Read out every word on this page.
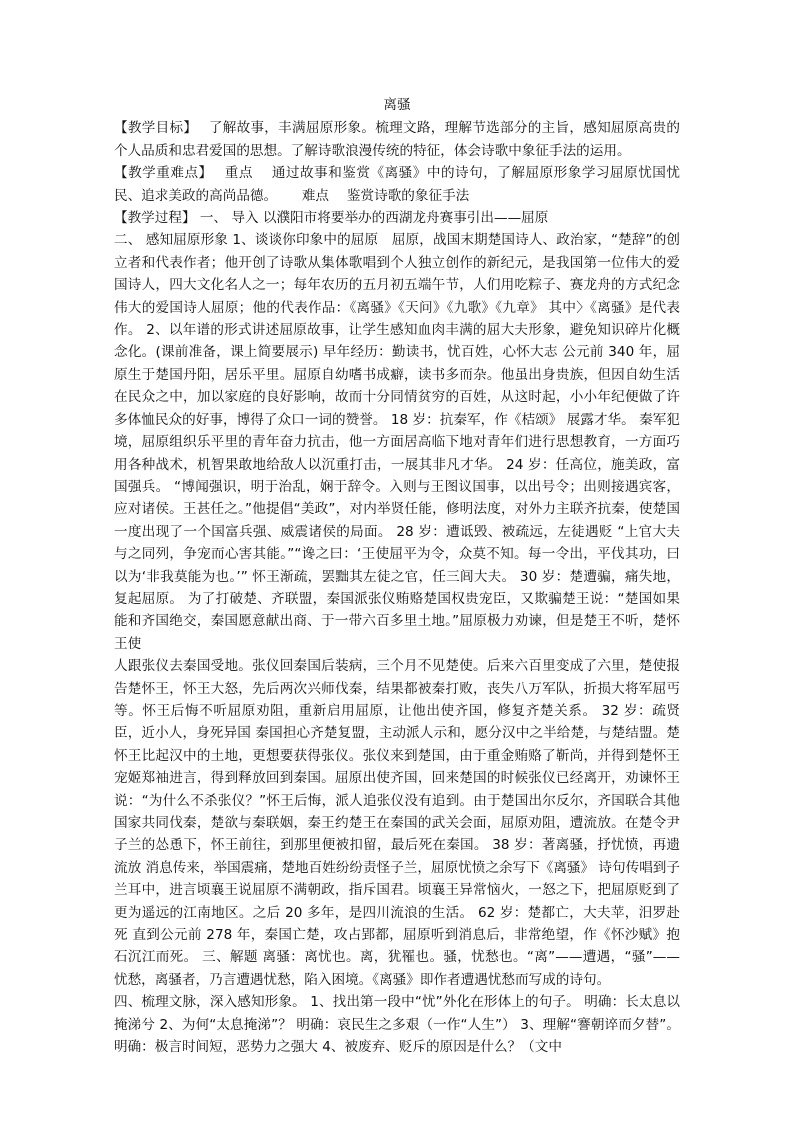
离骚

【教学目标】　 了解故事，丰满屈原形象。梳理文路，理解节选部分的主旨，感知屈原高贵的个人品质和忠君爱国的思想。了解诗歌浪漫传统的特征，体会诗歌中象征手法的运用。

【教学重难点】　 重点　 通过故事和鉴赏《离骚》中的诗句，了解屈原形象学习屈原忧国忧民、追求美政的高尚品德。　　 难点　 鉴赏诗歌的象征手法

【教学过程】 一、 导入 以濮阳市将要举办的西湖龙舟赛事引出——屈原

二、 感知屈原形象 1、谈谈你印象中的屈原　屈原，战国末期楚国诗人、政治家，“楚辞”的创立者和代表作者；他开创了诗歌从集体歌唱到个人独立创作的新纪元，是我国第一位伟大的爱国诗人，四大文化名人之一；每年农历的五月初五端午节，人们用吃粽子、赛龙舟的方式纪念伟大的爱国诗人屈原；他的代表作品：《离骚》《天问》《九歌》《九章》 其中〉《离骚》是代表作。 2、以年谱的形式讲述屈原故事，让学生感知血肉丰满的屈大夫形象，避免知识碎片化概念化。(课前准备，课上简要展示) 早年经历：勤读书，忧百姓，心怀大志 公元前 340 年，屈原生于楚国丹阳，居乐平里。屈原自幼嗜书成癖，读书多而杂。他虽出身贵族，但因自幼生活在民众之中，加以家庭的良好影响，故而十分同情贫穷的百姓，从这时起，小小年纪便做了许多体恤民众的好事，博得了众口一词的赞誉。 18 岁：抗秦军，作《桔颂》 展露才华。 秦军犯境，屈原组织乐平里的青年奋力抗击，他一方面居高临下地对青年们进行思想教育，一方面巧用各种战术，机智果敢地给敌人以沉重打击，一展其非凡才华。 24 岁：任高位，施美政，富国强兵。 “博闻强识，明于治乱，娴于辞令。入则与王图议国事，以出号令；出则接遇宾客，应对诸侯。王甚任之。”他提倡“美政”，对内举贤任能，修明法度，对外力主联齐抗秦，使楚国一度出现了一个国富兵强、威震诸侯的局面。 28 岁：遭诋毁、被疏远，左徒遇贬 “上官大夫与之同列，争宠而心害其能。”“谗之曰：‘王使屈平为令，众莫不知。每一令出，平伐其功，曰以为‘非我莫能为也。’” 怀王渐疏，罢黜其左徒之官，任三闾大夫。 30 岁：楚遭骗，痛失地，复起屈原。 为了打破楚、齐联盟，秦国派张仪贿赂楚国权贵宠臣，又欺骗楚王说：“楚国如果能和齐国绝交，秦国愿意献出商、于一带六百多里土地。”屈原极力劝谏，但是楚王不听，楚怀王使

人跟张仪去秦国受地。张仪回秦国后装病，三个月不见楚使。后来六百里变成了六里，楚使报告楚怀王，怀王大怒，先后两次兴师伐秦，结果都被秦打败，丧失八万军队，折损大将军屈丐等。怀王后悔不听屈原劝阻，重新启用屈原，让他出使齐国，修复齐楚关系。 32 岁：疏贤臣，近小人，身死异国 秦国担心齐楚复盟，主动派人示和，愿分汉中之半给楚，与楚结盟。楚怀王比起汉中的土地，更想要获得张仪。张仪来到楚国，由于重金贿赂了靳尚，并得到楚怀王宠姬郑袖进言，得到释放回到秦国。屈原出使齐国，回来楚国的时候张仪已经离开，劝谏怀王说：“为什么不杀张仪？”怀王后悔，派人追张仪没有追到。由于楚国出尔反尔，齐国联合其他国家共同伐秦，楚欲与秦联姻，秦王约楚王在秦国的武关会面，屈原劝阻，遭流放。在楚令尹子兰的怂恿下，怀王前往，到那里便被扣留，最后死在秦国。 38 岁：著离骚，抒忧愤，再遗流放 消息传来，举国震痛，楚地百姓纷纷责怪子兰，屈原忧愤之余写下《离骚》 诗句传唱到子兰耳中，进言顷襄王说屈原不满朝政，指斥国君。顷襄王异常恼火，一怒之下，把屈原贬到了更为遥远的江南地区。之后 20 多年，是四川流浪的生活。 62 岁：楚都亡，大夫苹，汨罗赴死 直到公元前 278 年，秦国亡楚，攻占郢都，屈原听到消息后，非常绝望，作《怀沙赋》抱石沉江而死。 三、解题 离骚：离忧也。离，犹罹也。骚，忧愁也。“离”——遭遇，“骚”——忧愁，离骚者，乃言遭遇忧愁，陷入困境。《离骚》即作者遭遇忧愁而写成的诗句。

四、梳理文脉，深入感知形象。 1、找出第一段中“忧”外化在形体上的句子。 明确：长太息以掩涕兮 2、为何“太息掩涕”？ 明确：哀民生之多艰（一作“人生”） 3、理解“謇朝谇而夕替”。 明确：极言时间短，恶势力之强大 4、被废弃、贬斥的原因是什么？（文中
